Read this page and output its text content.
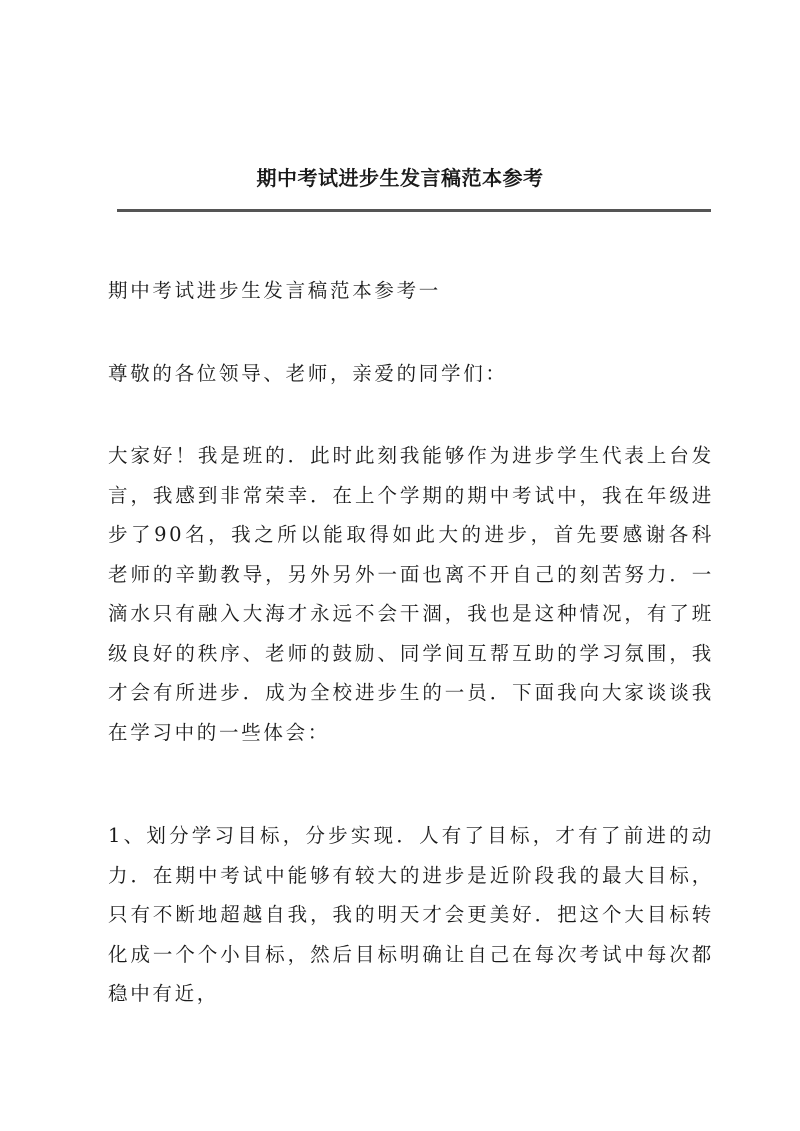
期中考试进步生发言稿范本参考

期中考试进步生发言稿范本参考一

尊敬的各位领导、老师，亲爱的同学们：

大家好！我是班的．此时此刻我能够作为进步学生代表上台发言，我感到非常荣幸．在上个学期的期中考试中，我在年级进步了90名，我之所以能取得如此大的进步，首先要感谢各科老师的辛勤教导，另外另外一面也离不开自己的刻苦努力．一滴水只有融入大海才永远不会干涸，我也是这种情况，有了班级良好的秩序、老师的鼓励、同学间互帮互助的学习氛围，我才会有所进步．成为全校进步生的一员．下面我向大家谈谈我在学习中的一些体会：

1、划分学习目标，分步实现．人有了目标，才有了前进的动力．在期中考试中能够有较大的进步是近阶段我的最大目标，只有不断地超越自我，我的明天才会更美好．把这个大目标转化成一个个小目标，然后目标明确让自己在每次考试中每次都稳中有近，
